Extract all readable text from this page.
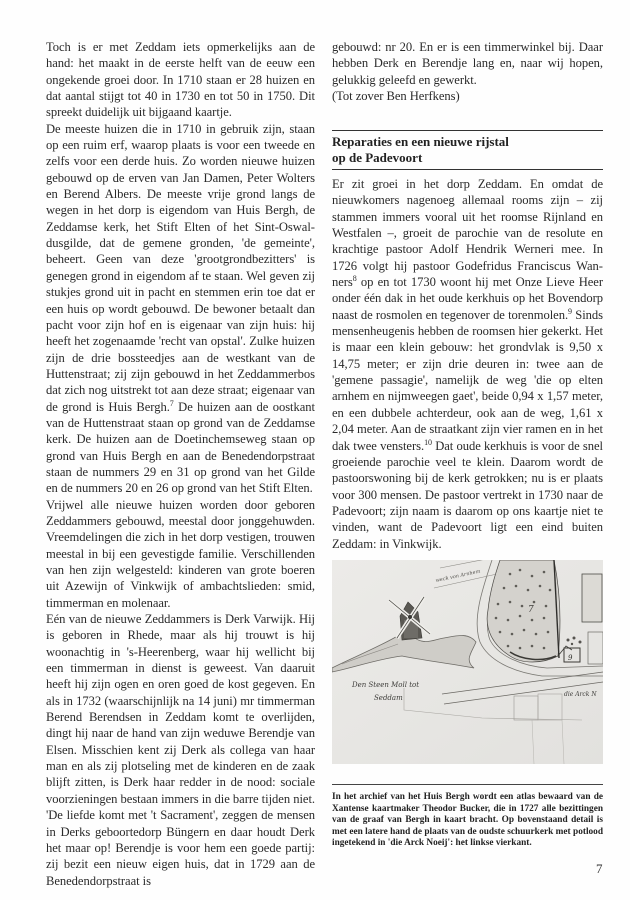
Toch is er met Zeddam iets opmerkelijks aan de hand: het maakt in de eerste helft van de eeuw een ongekende groei door. In 1710 staan er 28 huizen en dat aantal stijgt tot 40 in 1730 en tot 50 in 1750. Dit spreekt duidelijk uit bijgaand kaartje.

De meeste huizen die in 1710 in gebruik zijn, staan op een ruim erf, waarop plaats is voor een tweede en zelfs voor een derde huis. Zo worden nieuwe huizen gebouwd op de erven van Jan Damen, Peter Wolters en Berend Albers. De meeste vrije grond langs de wegen in het dorp is eigendom van Huis Bergh, de Zeddamse kerk, het Stift Elten of het Sint-Oswaldusgilde, dat de gemene gronden, 'de gemeinte', beheert. Geen van deze 'grootgrondbezitters' is genegen grond in eigendom af te staan. Wel geven zij stukjes grond uit in pacht en stemmen erin toe dat er een huis op wordt gebouwd. De bewoner betaalt dan pacht voor zijn hof en is eigenaar van zijn huis: hij heeft het zogenaamde 'recht van opstal'. Zulke huizen zijn de drie bossteedjes aan de westkant van de Huttenstraat; zij zijn gebouwd in het Zeddammerbos dat zich nog uitstrekt tot aan deze straat; eigenaar van de grond is Huis Bergh.$^7$ De huizen aan de oostkant van de Huttenstraat staan op grond van de Zeddamse kerk. De huizen aan de Doetinchemseweg staan op grond van Huis Bergh en aan de Benedendorpstraat staan de nummers 29 en 31 op grond van het Gilde en de nummers 20 en 26 op grond van het Stift Elten.

Vrijwel alle nieuwe huizen worden door geboren Zeddammers gebouwd, meestal door jonggehuwden. Vreemdelingen die zich in het dorp vestigen, trouwen meestal in bij een gevestigde familie. Verschillenden van hen zijn welgesteld: kinderen van grote boeren uit Azewijn of Vinkwijk of ambachtslieden: smid, timmerman en molenaar.

Eén van de nieuwe Zeddammers is Derk Varwijk. Hij is geboren in Rhede, maar als hij trouwt is hij woonachtig in 's-Heerenberg, waar hij wellicht bij een timmerman in dienst is geweest. Van daaruit heeft hij zijn ogen en oren goed de kost gegeven. En als in 1732 (waarschijnlijk na 14 juni) mr timmerman Berend Berendsen in Zeddam komt te overlijden, dingt hij naar de hand van zijn weduwe Berendje van Elsen. Misschien kent zij Derk als collega van haar man en als zij plotseling met de kinderen en de zaak blijft zitten, is Derk haar redder in de nood: sociale voorzieningen bestaan immers in die barre tijden niet. 'De liefde komt met 't Sacrament', zeggen de mensen in Derks geboortedorp Büngern en daar houdt Derk het maar op! Berendje is voor hem een goede partij: zij bezit een nieuw eigen huis, dat in 1729 aan de Benedendorpstraat is

gebouwd: nr 20. En er is een timmerwinkel bij. Daar hebben Derk en Berendje lang en, naar wij hopen, gelukkig geleefd en gewerkt.

(Tot zover Ben Herfkens)

Reparaties en een nieuwe rijstal
op de Padevoort

Er zit groei in het dorp Zeddam. En omdat de nieuwkomers nagenoeg allemaal rooms zijn – zij stammen immers vooral uit het roomse Rijnland en Westfalen –, groeit de parochie van de resolute en krachtige pastoor Adolf Hendrik Werneri mee. In 1726 volgt hij pastoor Godefridus Franciscus Wanners$^8$ op en tot 1730 woont hij met Onze Lieve Heer onder één dak in het oude kerkhuis op het Bovendorp naast de rosmolen en tegenover de torenmolen.$^9$ Sinds mensenheugenis hebben de roomsen hier gekerkt. Het is maar een klein gebouw: het grondvlak is 9,50 x 14,75 meter; er zijn drie deuren in: twee aan de 'gemene passagie', namelijk de weg 'die op elten arnhem en nijmweegen gaet', beide 0,94 x 1,57 meter, en een dubbele achterdeur, ook aan de weg, 1,61 x 2,04 meter. Aan de straatkant zijn vier ramen en in het dak twee vensters.$^{10}$ Dat oude kerkhuis is voor de snel groeiende parochie veel te klein. Daarom wordt de pastoorswoning bij de kerk getrokken; nu is er plaats voor 300 mensen. De pastoor vertrekt in 1730 naar de Padevoort; zijn naam is daarom op ons kaartje niet te vinden, want de Padevoort ligt een eind buiten Zeddam: in Vinkwijk.

Den Steen Moll tot
Seddam
weck von Arnhem
die Arck N
9
7

In het archief van het Huis Bergh wordt een atlas bewaard van de Xantense kaartmaker Theodor Bucker, die in 1727 alle bezittingen van de graaf van Bergh in kaart bracht. Op bovenstaand detail is met een latere hand de plaats van de oudste schuurkerk met potlood ingetekend in 'die Arck Noeij': het linkse vierkant.

7
